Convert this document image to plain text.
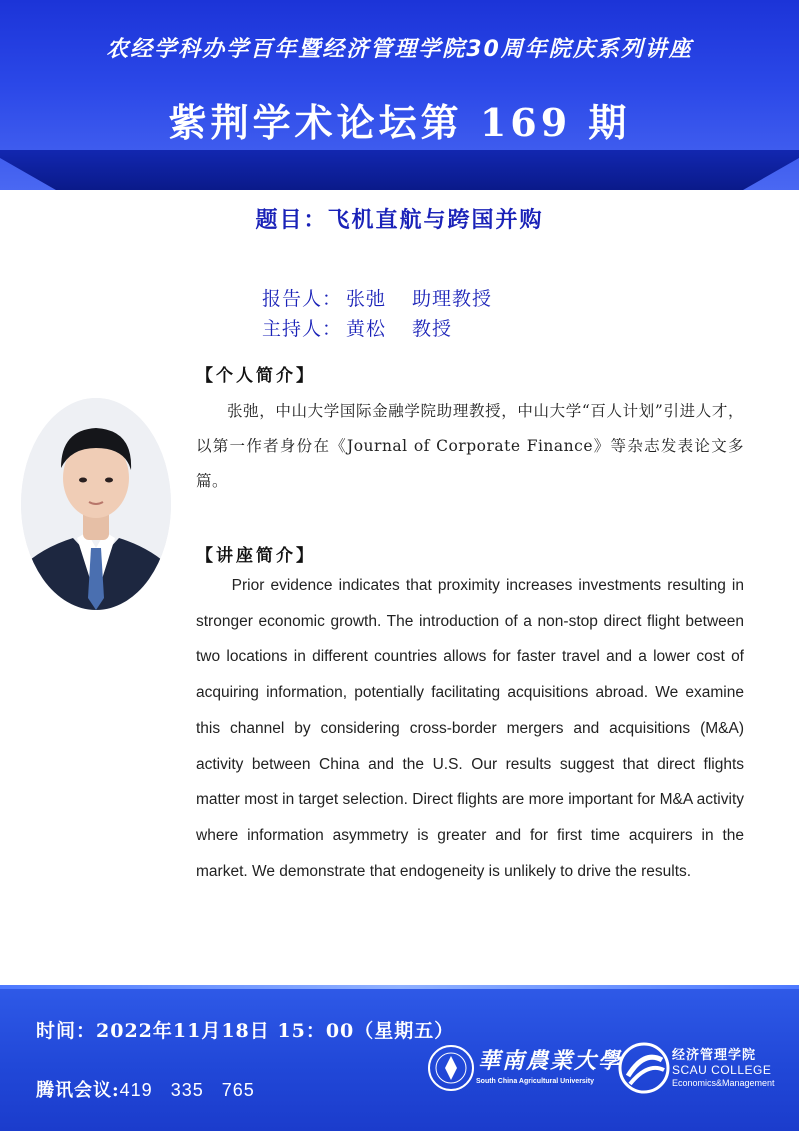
农经学科办学百年暨经济管理学院30周年院庆系列讲座
紫荆学术论坛第 169 期
题目：飞机直航与跨国并购
报告人： 张弛 助理教授
主持人： 黄松 教授
【个人简介】

张弛，中山大学国际金融学院助理教授，中山大学“百人计划”引进人才，以第一作者身份在《Journal of Corporate Finance》等杂志发表论文多篇。

【讲座简介】

Prior evidence indicates that proximity increases investments resulting in stronger economic growth. The introduction of a non-stop direct flight between two locations in different countries allows for faster travel and a lower cost of acquiring information, potentially facilitating acquisitions abroad. We examine this channel by considering cross-border mergers and acquisitions (M&A) activity between China and the U.S. Our results suggest that direct flights matter most in target selection. Direct flights are more important for M&A activity where information asymmetry is greater and for first time acquirers in the market. We demonstrate that endogeneity is unlikely to drive the results.

时间：2022年11月18日 15：00（星期五）
腾讯会议:419   335   765
華南農業大學
South China Agricultural University
经济管理学院
SCAU COLLEGE
Economics&Management
